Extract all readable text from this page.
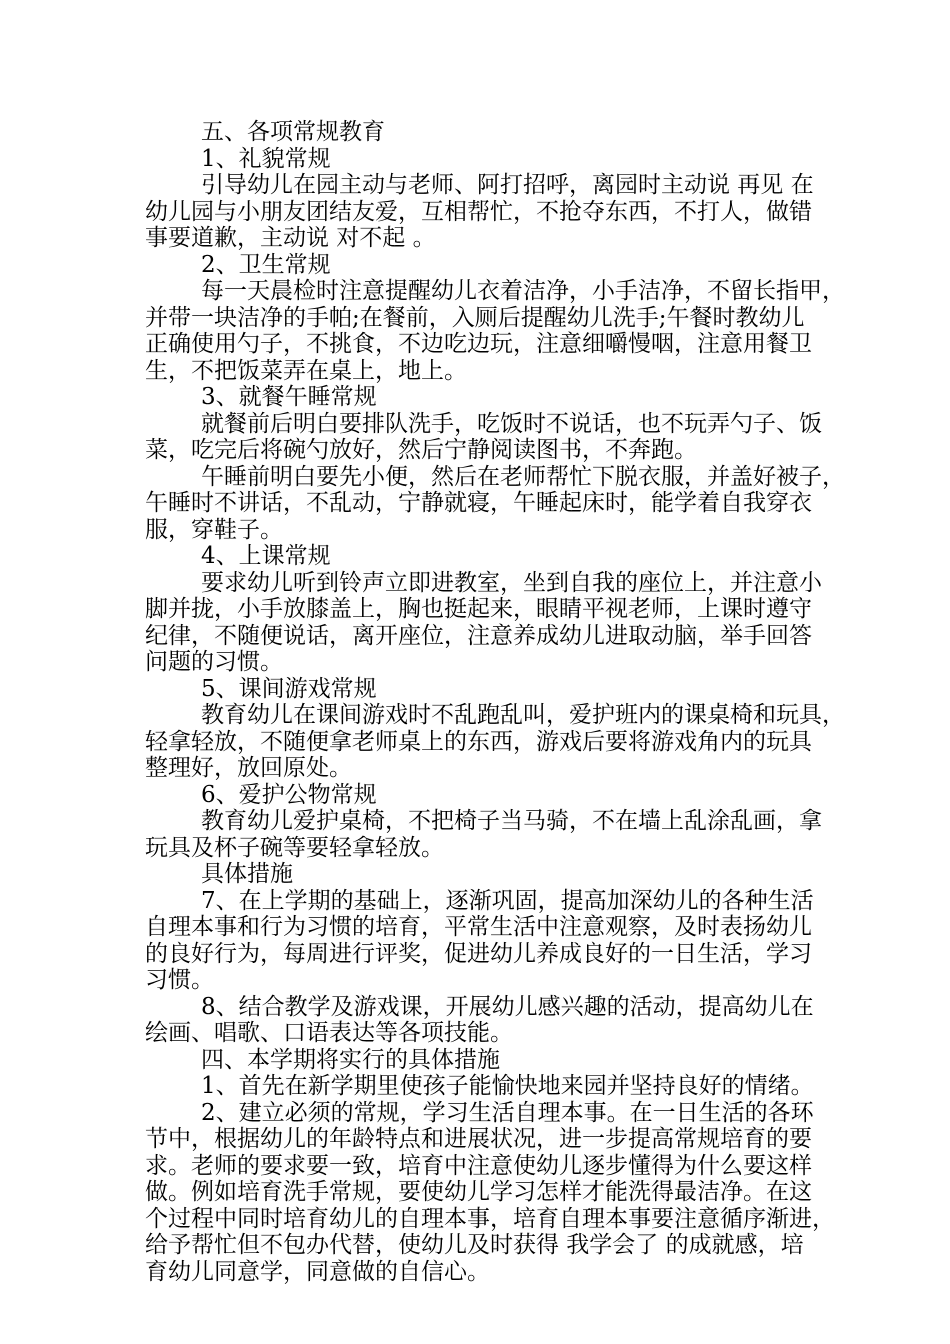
五、各项常规教育
1、礼貌常规
引导幼儿在园主动与老师、阿打招呼，离园时主动说 再见 在
幼儿园与小朋友团结友爱，互相帮忙，不抢夺东西，不打人，做错
事要道歉，主动说 对不起 。
2、卫生常规
每一天晨检时注意提醒幼儿衣着洁净，小手洁净，不留长指甲，
并带一块洁净的手帕;在餐前，入厕后提醒幼儿洗手;午餐时教幼儿
正确使用勺子，不挑食，不边吃边玩，注意细嚼慢咽，注意用餐卫
生，不把饭菜弄在桌上，地上。
3、就餐午睡常规
就餐前后明白要排队洗手，吃饭时不说话，也不玩弄勺子、饭
菜，吃完后将碗勺放好，然后宁静阅读图书，不奔跑。
午睡前明白要先小便，然后在老师帮忙下脱衣服，并盖好被子，
午睡时不讲话，不乱动，宁静就寝，午睡起床时，能学着自我穿衣
服，穿鞋子。
4、上课常规
要求幼儿听到铃声立即进教室，坐到自我的座位上，并注意小
脚并拢，小手放膝盖上，胸也挺起来，眼睛平视老师，上课时遵守
纪律，不随便说话，离开座位，注意养成幼儿进取动脑，举手回答
问题的习惯。
5、课间游戏常规
教育幼儿在课间游戏时不乱跑乱叫，爱护班内的课桌椅和玩具，
轻拿轻放，不随便拿老师桌上的东西，游戏后要将游戏角内的玩具
整理好，放回原处。
6、爱护公物常规
教育幼儿爱护桌椅，不把椅子当马骑，不在墙上乱涂乱画，拿
玩具及杯子碗等要轻拿轻放。
具体措施
7、在上学期的基础上，逐渐巩固，提高加深幼儿的各种生活
自理本事和行为习惯的培育，平常生活中注意观察，及时表扬幼儿
的良好行为，每周进行评奖，促进幼儿养成良好的一日生活，学习
习惯。
8、结合教学及游戏课，开展幼儿感兴趣的活动，提高幼儿在
绘画、唱歌、口语表达等各项技能。
四、本学期将实行的具体措施
1、首先在新学期里使孩子能愉快地来园并坚持良好的情绪。
2、建立必须的常规，学习生活自理本事。在一日生活的各环
节中，根据幼儿的年龄特点和进展状况，进一步提高常规培育的要
求。老师的要求要一致，培育中注意使幼儿逐步懂得为什么要这样
做。例如培育洗手常规，要使幼儿学习怎样才能洗得最洁净。在这
个过程中同时培育幼儿的自理本事，培育自理本事要注意循序渐进，
给予帮忙但不包办代替，使幼儿及时获得 我学会了 的成就感，培
育幼儿同意学，同意做的自信心。
